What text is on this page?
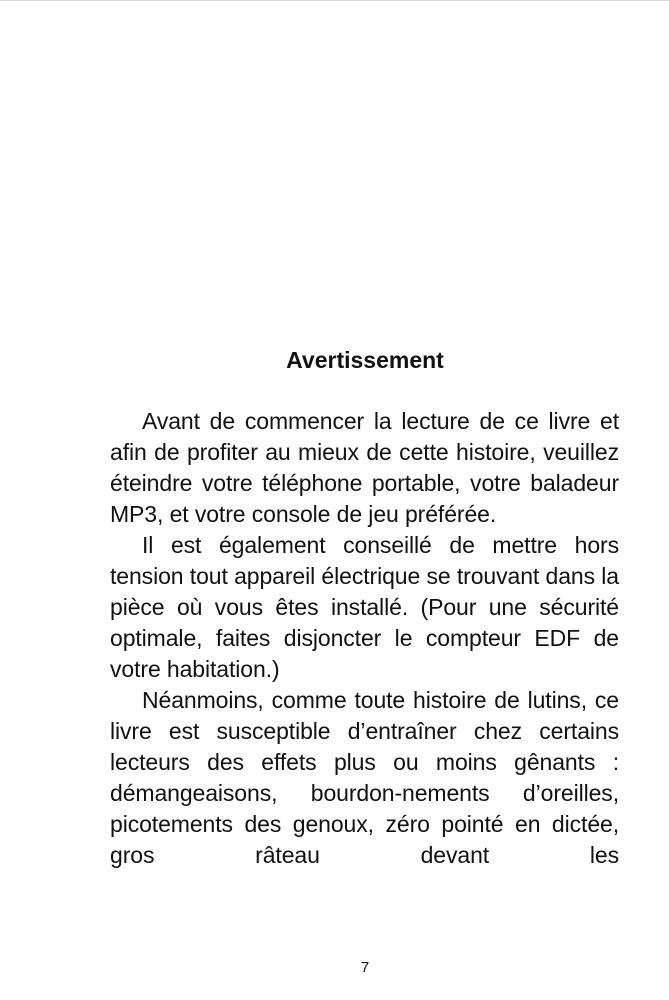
Avertissement

Avant de commencer la lecture de ce livre et afin de profiter au mieux de cette histoire, veuillez éteindre votre téléphone portable, votre baladeur MP3, et votre console de jeu préférée.

Il est également conseillé de mettre hors tension tout appareil électrique se trouvant dans la pièce où vous êtes installé. (Pour une sécurité optimale, faites disjoncter le compteur EDF de votre habitation.)

Néanmoins, comme toute histoire de lutins, ce livre est susceptible d’entraîner chez certains lecteurs des effets plus ou moins gênants : démangeaisons, bourdon-nements d’oreilles, picotements des genoux, zéro pointé en dictée, gros râteau devant les

7
